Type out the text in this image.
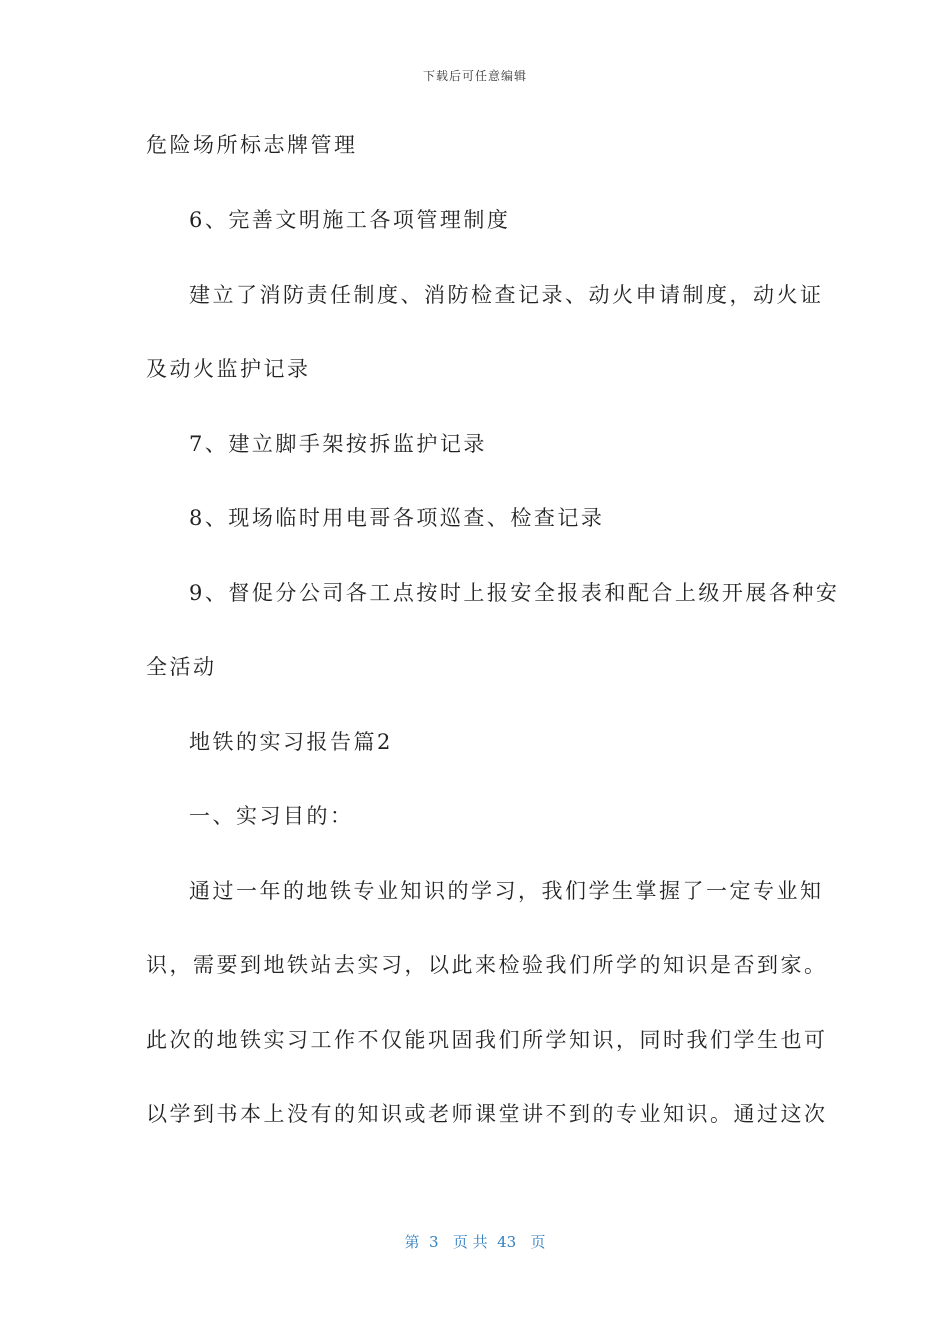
下载后可任意编辑
危险场所标志牌管理
6、完善文明施工各项管理制度
建立了消防责任制度、消防检查记录、动火申请制度，动火证
及动火监护记录
7、建立脚手架按拆监护记录
8、现场临时用电哥各项巡查、检查记录
9、督促分公司各工点按时上报安全报表和配合上级开展各种安
全活动
地铁的实习报告篇2
一、实习目的：
通过一年的地铁专业知识的学习，我们学生掌握了一定专业知
识，需要到地铁站去实习，以此来检验我们所学的知识是否到家。
此次的地铁实习工作不仅能巩固我们所学知识，同时我们学生也可
以学到书本上没有的知识或老师课堂讲不到的专业知识。通过这次
第  3   页 共  43   页
